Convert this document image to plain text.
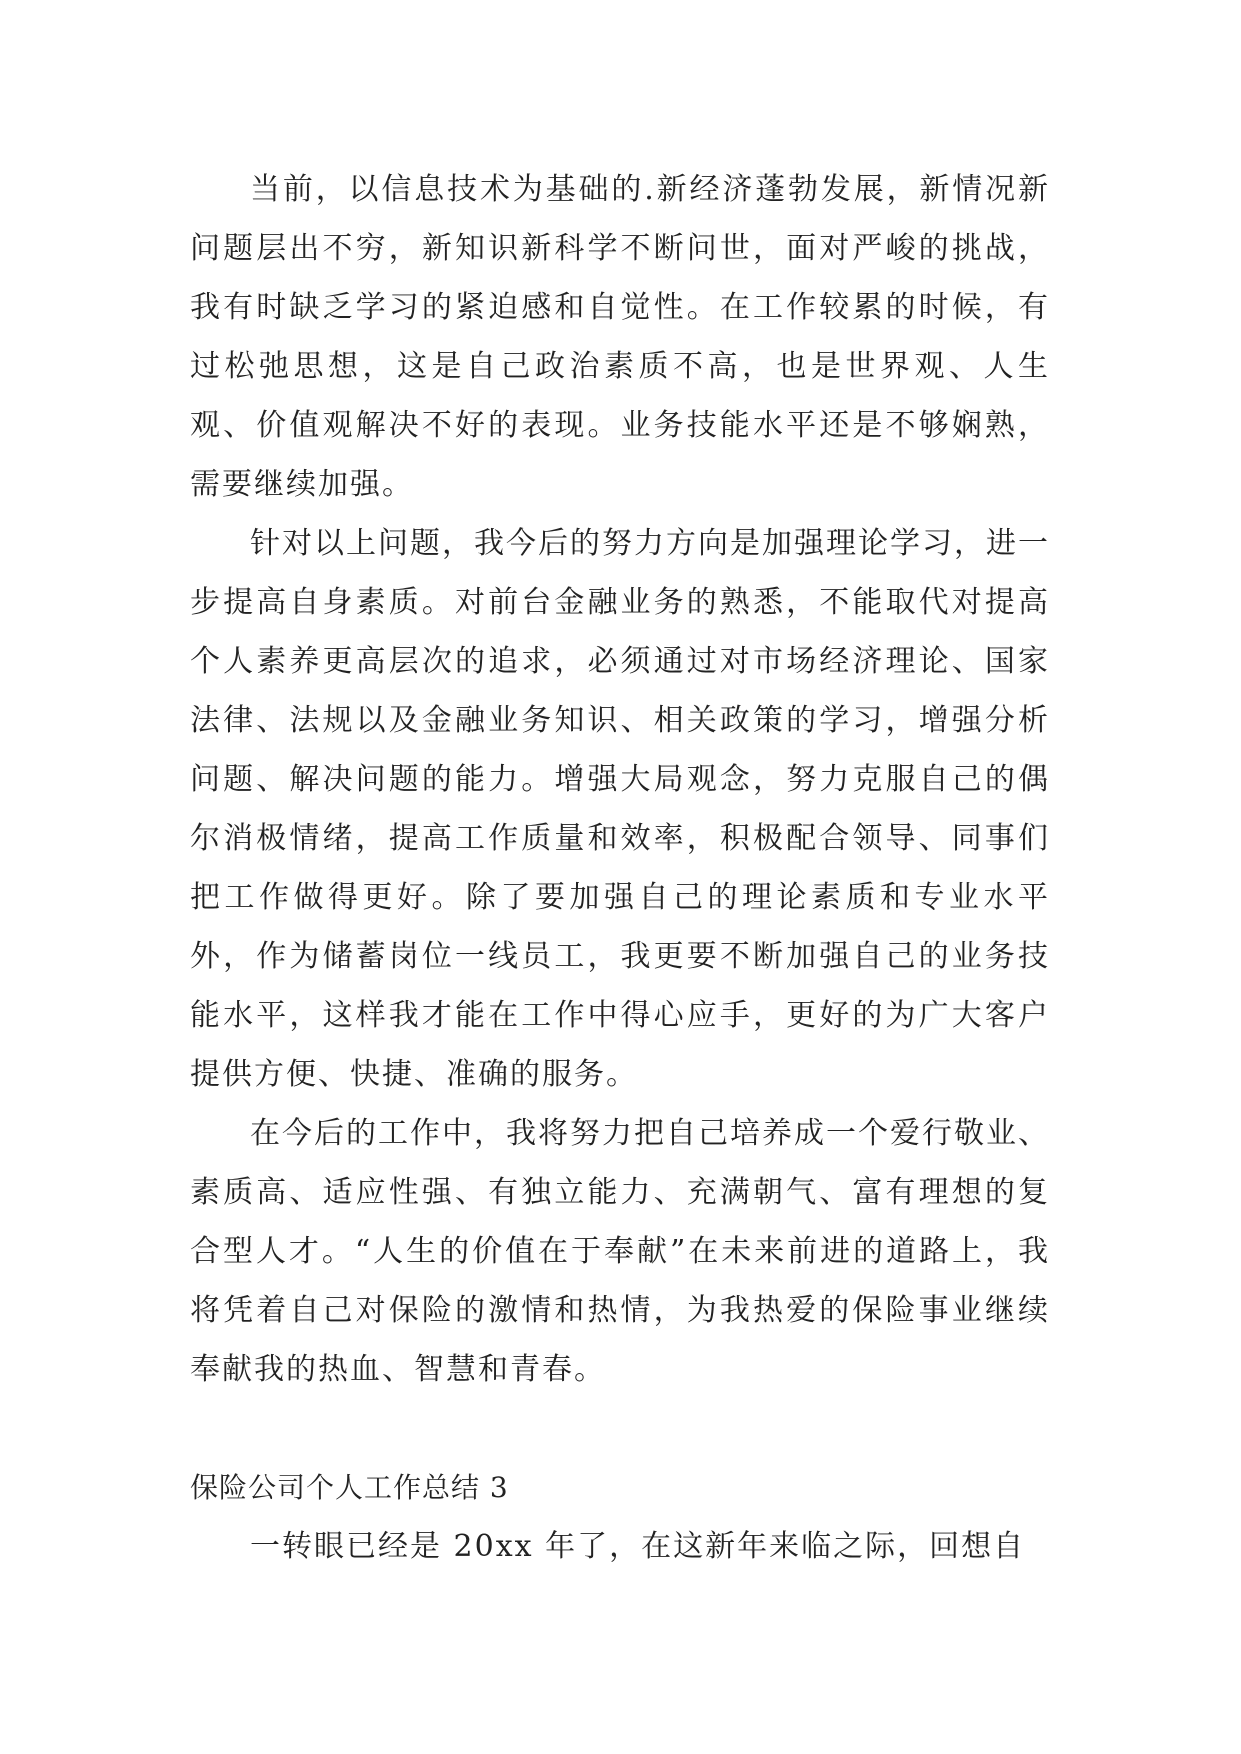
当前，以信息技术为基础的.新经济蓬勃发展，新情况新问题层出不穷，新知识新科学不断问世，面对严峻的挑战，我有时缺乏学习的紧迫感和自觉性。在工作较累的时候，有过松弛思想，这是自己政治素质不高，也是世界观、人生观、价值观解决不好的表现。业务技能水平还是不够娴熟，需要继续加强。

针对以上问题，我今后的努力方向是加强理论学习，进一步提高自身素质。对前台金融业务的熟悉，不能取代对提高个人素养更高层次的追求，必须通过对市场经济理论、国家法律、法规以及金融业务知识、相关政策的学习，增强分析问题、解决问题的能力。增强大局观念，努力克服自己的偶尔消极情绪，提高工作质量和效率，积极配合领导、同事们把工作做得更好。除了要加强自己的理论素质和专业水平外，作为储蓄岗位一线员工，我更要不断加强自己的业务技能水平，这样我才能在工作中得心应手，更好的为广大客户提供方便、快捷、准确的服务。

在今后的工作中，我将努力把自己培养成一个爱行敬业、素质高、适应性强、有独立能力、充满朝气、富有理想的复合型人才。“人生的价值在于奉献”在未来前进的道路上，我将凭着自己对保险的激情和热情，为我热爱的保险事业继续奉献我的热血、智慧和青春。

保险公司个人工作总结 3

一转眼已经是 20xx 年了，在这新年来临之际，回想自
